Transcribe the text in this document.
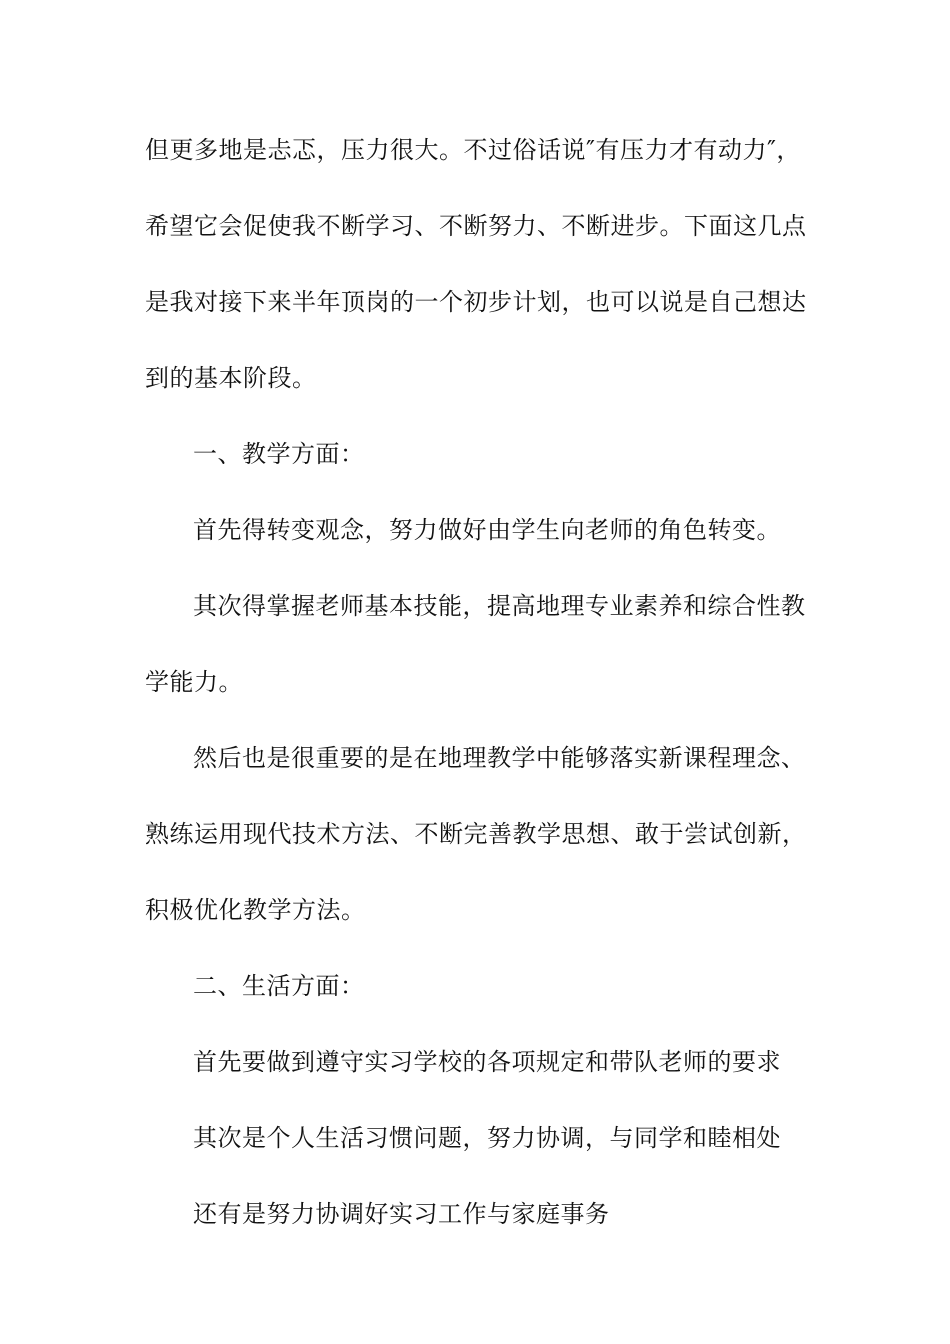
但更多地是忐忑，压力很大。不过俗话说″有压力才有动力″，
希望它会促使我不断学习、不断努力、不断进步。下面这几点
是我对接下来半年顶岗的一个初步计划，也可以说是自己想达
到的基本阶段。
一、教学方面：
首先得转变观念，努力做好由学生向老师的角色转变。
其次得掌握老师基本技能，提高地理专业素养和综合性教
学能力。
然后也是很重要的是在地理教学中能够落实新课程理念、
熟练运用现代技术方法、不断完善教学思想、敢于尝试创新，
积极优化教学方法。
二、生活方面：
首先要做到遵守实习学校的各项规定和带队老师的要求
其次是个人生活习惯问题，努力协调，与同学和睦相处
还有是努力协调好实习工作与家庭事务
